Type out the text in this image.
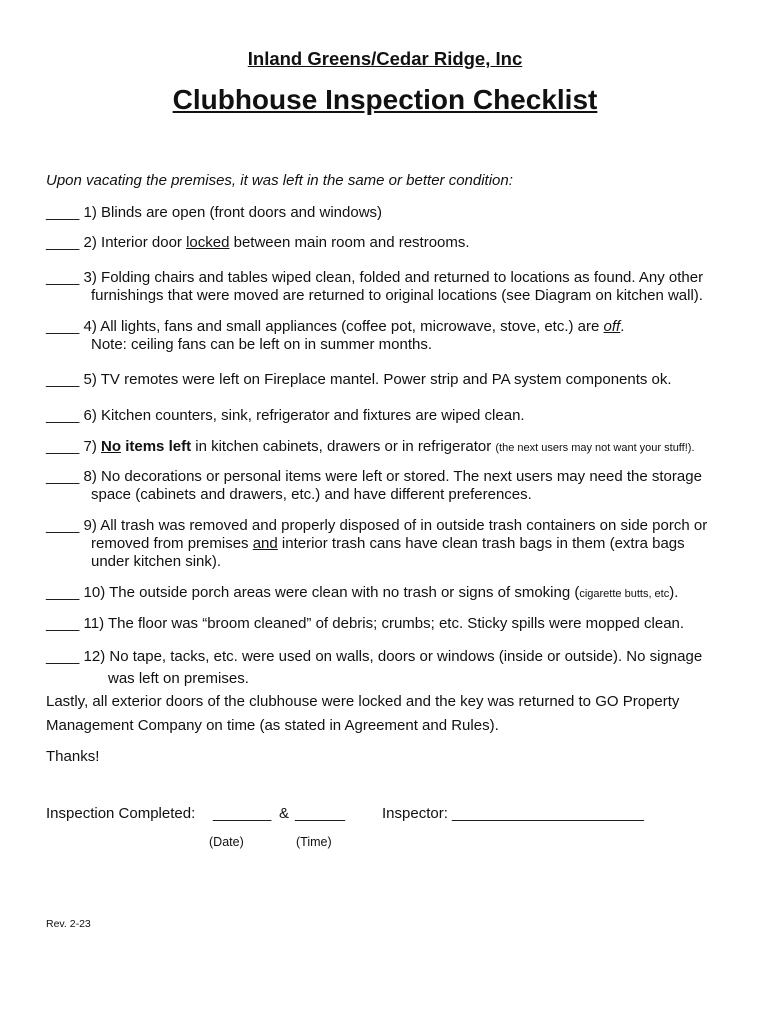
Inland Greens/Cedar Ridge, Inc
Clubhouse Inspection Checklist
Upon vacating the premises, it was left in the same or better condition:
____ 1) Blinds are open (front doors and windows)
____ 2) Interior door locked between main room and restrooms.
____ 3) Folding chairs and tables wiped clean, folded and returned to locations as found. Any other
furnishings that were moved are returned to original locations (see Diagram on kitchen wall).
____ 4) All lights, fans and small appliances (coffee pot, microwave, stove, etc.) are off.
Note: ceiling fans can be left on in summer months.
____ 5) TV remotes were left on Fireplace mantel. Power strip and PA system components ok.
____ 6) Kitchen counters, sink, refrigerator and fixtures are wiped clean.
____ 7) No items left in kitchen cabinets, drawers or in refrigerator (the next users may not want your stuff!).
____ 8) No decorations or personal items were left or stored. The next users may need the storage
space (cabinets and drawers, etc.) and have different preferences.
____ 9) All trash was removed and properly disposed of in outside trash containers on side porch or
removed from premises and interior trash cans have clean trash bags in them (extra bags
under kitchen sink).
____ 10) The outside porch areas were clean with no trash or signs of smoking (cigarette butts, etc).
____ 11) The floor was “broom cleaned” of debris; crumbs; etc. Sticky spills were mopped clean.
____ 12) No tape, tacks, etc. were used on walls, doors or windows (inside or outside). No signage
was left on premises.
Lastly, all exterior doors of the clubhouse were locked and the key was returned to GO Property
Management Company on time (as stated in Agreement and Rules).
Thanks!
Inspection Completed: _______ & ______ Inspector: _______________________
(Date)	(Time)
Rev. 2-23
